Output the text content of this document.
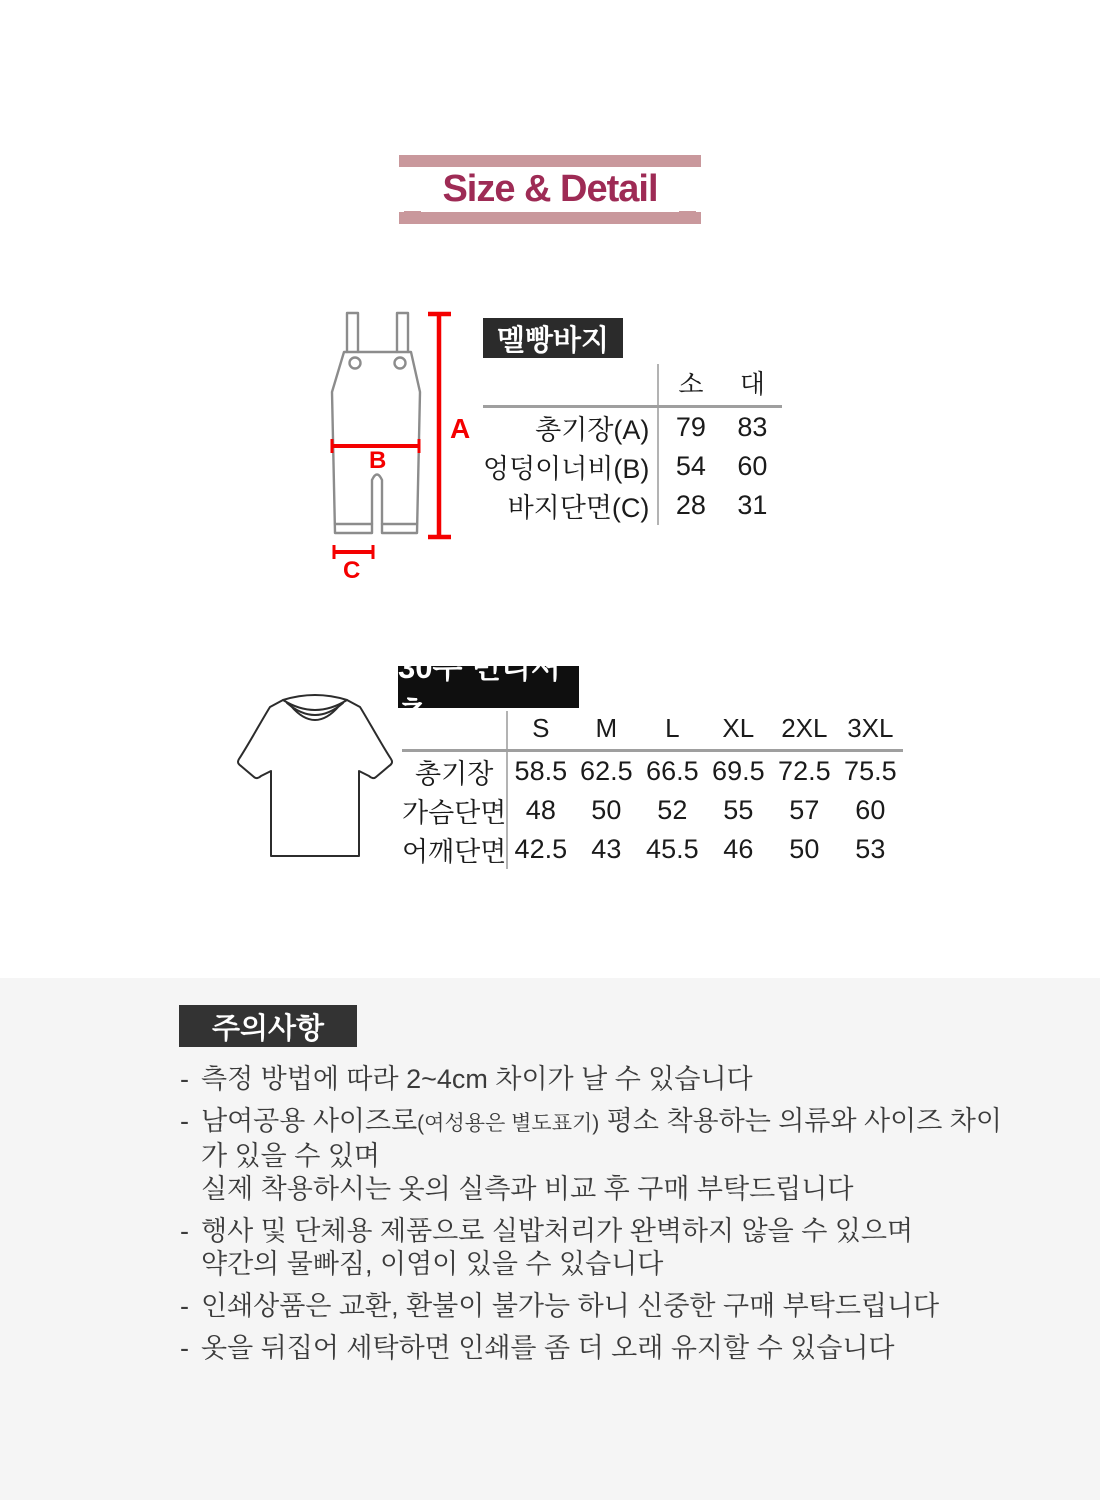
Size & Detail
A
B
C
멜빵바지
	소	대
총기장(A)	79	83
엉덩이너비(B)	54	60
바지단면(C)	28	31
30수 면티셔츠
		S	M	L	XL	2XL	3XL
총기장	58.5	62.5	66.5	69.5	72.5	75.5
가슴단면	48	50	52	55	57	60
어깨단면	42.5	43	45.5	46	50	53
주의사항
- 측정 방법에 따라 2~4cm 차이가 날 수 있습니다
- 남여공용 사이즈로(여성용은 별도표기) 평소 착용하는 의류와 사이즈 차이가 있을 수 있며
실제 착용하시는 옷의 실측과 비교 후 구매 부탁드립니다
- 행사 및 단체용 제품으로 실밥처리가 완벽하지 않을 수 있으며
약간의 물빠짐, 이염이 있을 수 있습니다
- 인쇄상품은 교환, 환불이 불가능 하니 신중한 구매 부탁드립니다
- 옷을 뒤집어 세탁하면 인쇄를 좀 더 오래 유지할 수 있습니다
